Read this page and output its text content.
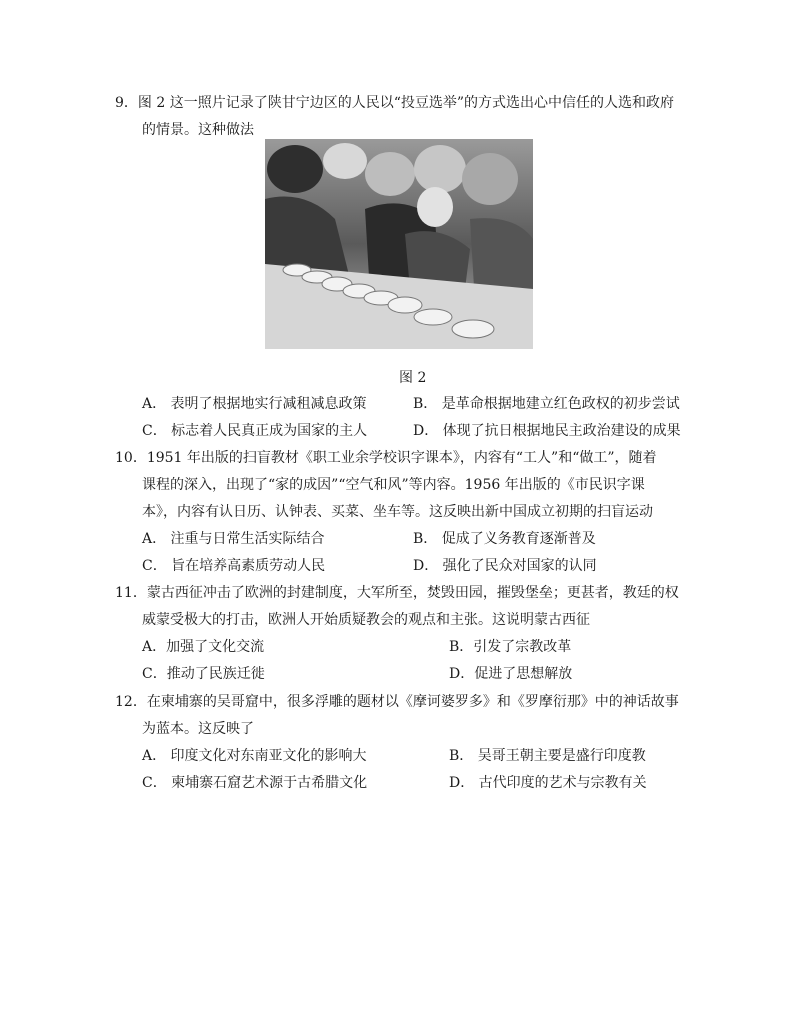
9．图 2 这一照片记录了陕甘宁边区的人民以“投豆选举”的方式选出心中信任的人选和政府
的情景。这种做法
图 2
A． 表明了根据地实行减租减息政策	B． 是革命根据地建立红色政权的初步尝试
C． 标志着人民真正成为国家的主人	D． 体现了抗日根据地民主政治建设的成果
10．1951 年出版的扫盲教材《职工业余学校识字课本》，内容有“工人”和“做工”，随着
课程的深入，出现了“家的成因”“空气和风”等内容。1956 年出版的《市民识字课
本》，内容有认日历、认钟表、买菜、坐车等。这反映出新中国成立初期的扫盲运动
A． 注重与日常生活实际结合	B． 促成了义务教育逐渐普及
C． 旨在培养高素质劳动人民	D． 强化了民众对国家的认同
11．蒙古西征冲击了欧洲的封建制度，大军所至，焚毁田园，摧毁堡垒；更甚者，教廷的权
威蒙受极大的打击，欧洲人开始质疑教会的观点和主张。这说明蒙古西征
A．加强了文化交流	B．引发了宗教改革
C．推动了民族迁徙	D．促进了思想解放
12．在柬埔寨的吴哥窟中，很多浮雕的题材以《摩诃婆罗多》和《罗摩衍那》中的神话故事
为蓝本。这反映了
A． 印度文化对东南亚文化的影响大	B． 吴哥王朝主要是盛行印度教
C． 柬埔寨石窟艺术源于古希腊文化	D． 古代印度的艺术与宗教有关
